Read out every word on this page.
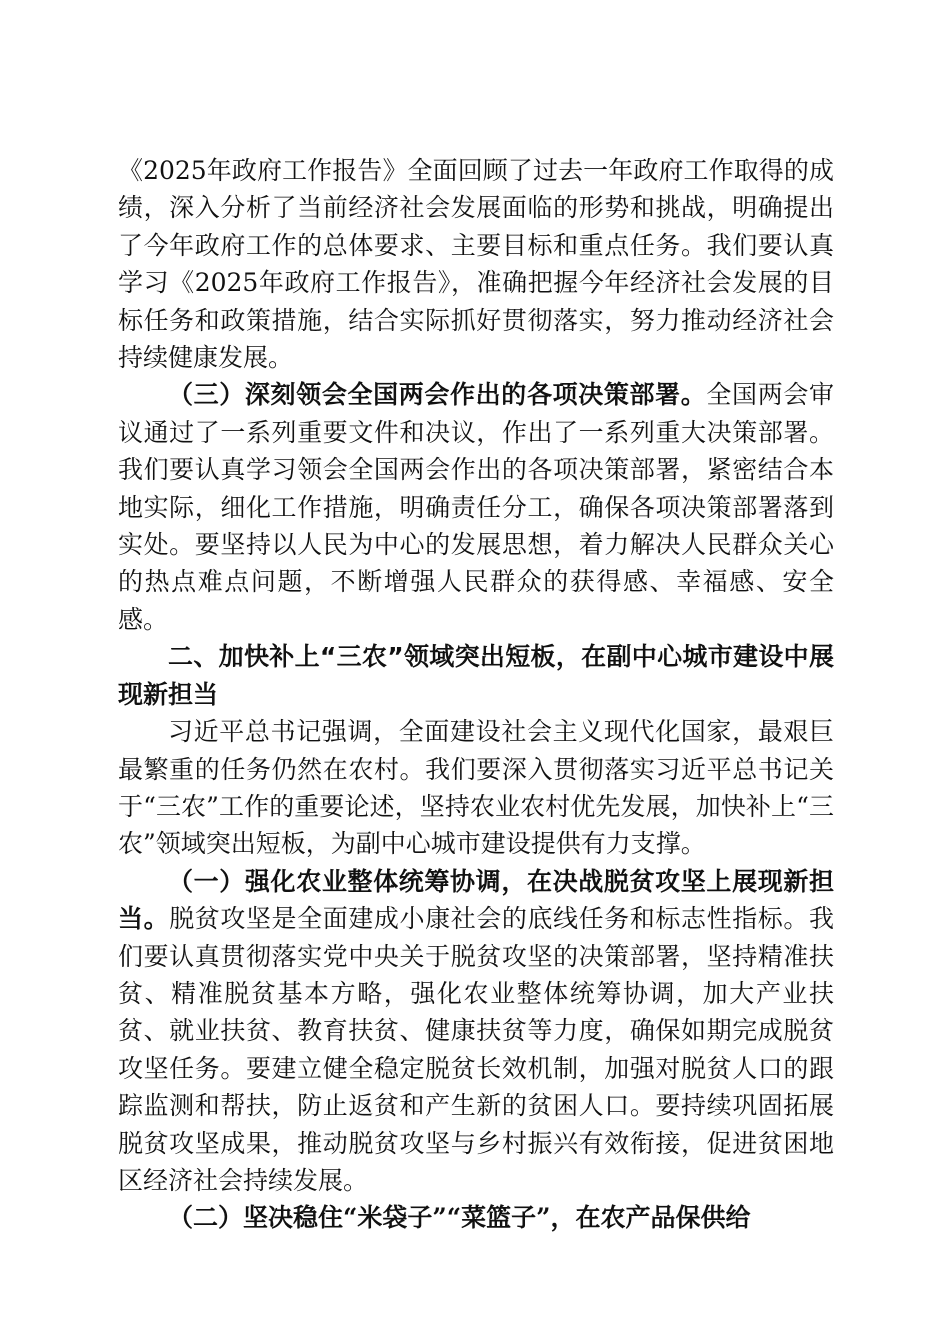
《2025年政府工作报告》全面回顾了过去一年政府工作取得的成绩，深入分析了当前经济社会发展面临的形势和挑战，明确提出了今年政府工作的总体要求、主要目标和重点任务。我们要认真学习《2025年政府工作报告》，准确把握今年经济社会发展的目标任务和政策措施，结合实际抓好贯彻落实，努力推动经济社会持续健康发展。

（三）深刻领会全国两会作出的各项决策部署。全国两会审议通过了一系列重要文件和决议，作出了一系列重大决策部署。我们要认真学习领会全国两会作出的各项决策部署，紧密结合本地实际，细化工作措施，明确责任分工，确保各项决策部署落到实处。要坚持以人民为中心的发展思想，着力解决人民群众关心的热点难点问题，不断增强人民群众的获得感、幸福感、安全感。

二、加快补上“三农”领域突出短板，在副中心城市建设中展现新担当

习近平总书记强调，全面建设社会主义现代化国家，最艰巨最繁重的任务仍然在农村。我们要深入贯彻落实习近平总书记关于“三农”工作的重要论述，坚持农业农村优先发展，加快补上“三农”领域突出短板，为副中心城市建设提供有力支撑。

（一）强化农业整体统筹协调，在决战脱贫攻坚上展现新担当。脱贫攻坚是全面建成小康社会的底线任务和标志性指标。我们要认真贯彻落实党中央关于脱贫攻坚的决策部署，坚持精准扶贫、精准脱贫基本方略，强化农业整体统筹协调，加大产业扶贫、就业扶贫、教育扶贫、健康扶贫等力度，确保如期完成脱贫攻坚任务。要建立健全稳定脱贫长效机制，加强对脱贫人口的跟踪监测和帮扶，防止返贫和产生新的贫困人口。要持续巩固拓展脱贫攻坚成果，推动脱贫攻坚与乡村振兴有效衔接，促进贫困地区经济社会持续发展。

（二）坚决稳住“米袋子”“菜篮子”，在农产品保供给
